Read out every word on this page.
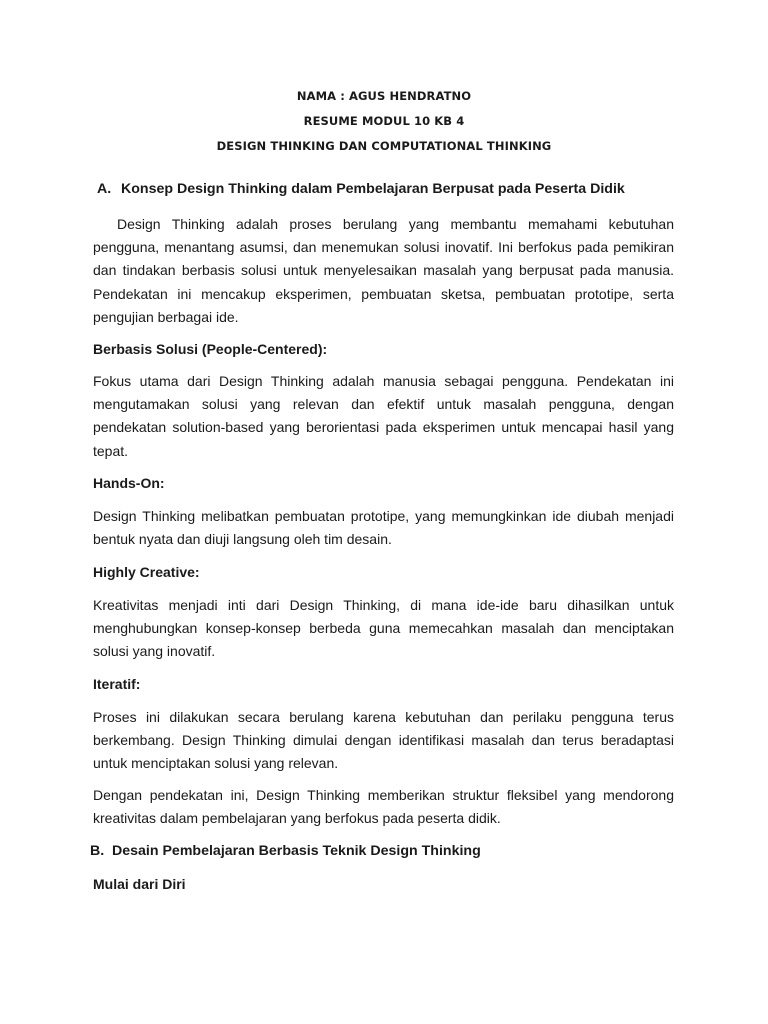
NAMA : AGUS HENDRATNO
RESUME MODUL 10 KB 4
DESIGN THINKING DAN COMPUTATIONAL THINKING
A. Konsep Design Thinking dalam Pembelajaran Berpusat pada Peserta Didik
Design Thinking adalah proses berulang yang membantu memahami kebutuhan pengguna, menantang asumsi, dan menemukan solusi inovatif. Ini berfokus pada pemikiran dan tindakan berbasis solusi untuk menyelesaikan masalah yang berpusat pada manusia. Pendekatan ini mencakup eksperimen, pembuatan sketsa, pembuatan prototipe, serta pengujian berbagai ide.
Berbasis Solusi (People-Centered):
Fokus utama dari Design Thinking adalah manusia sebagai pengguna. Pendekatan ini mengutamakan solusi yang relevan dan efektif untuk masalah pengguna, dengan pendekatan solution-based yang berorientasi pada eksperimen untuk mencapai hasil yang tepat.
Hands-On:
Design Thinking melibatkan pembuatan prototipe, yang memungkinkan ide diubah menjadi bentuk nyata dan diuji langsung oleh tim desain.
Highly Creative:
Kreativitas menjadi inti dari Design Thinking, di mana ide-ide baru dihasilkan untuk menghubungkan konsep-konsep berbeda guna memecahkan masalah dan menciptakan solusi yang inovatif.
Iteratif:
Proses ini dilakukan secara berulang karena kebutuhan dan perilaku pengguna terus berkembang. Design Thinking dimulai dengan identifikasi masalah dan terus beradaptasi untuk menciptakan solusi yang relevan.
Dengan pendekatan ini, Design Thinking memberikan struktur fleksibel yang mendorong kreativitas dalam pembelajaran yang berfokus pada peserta didik.
B. Desain Pembelajaran Berbasis Teknik Design Thinking
Mulai dari Diri
